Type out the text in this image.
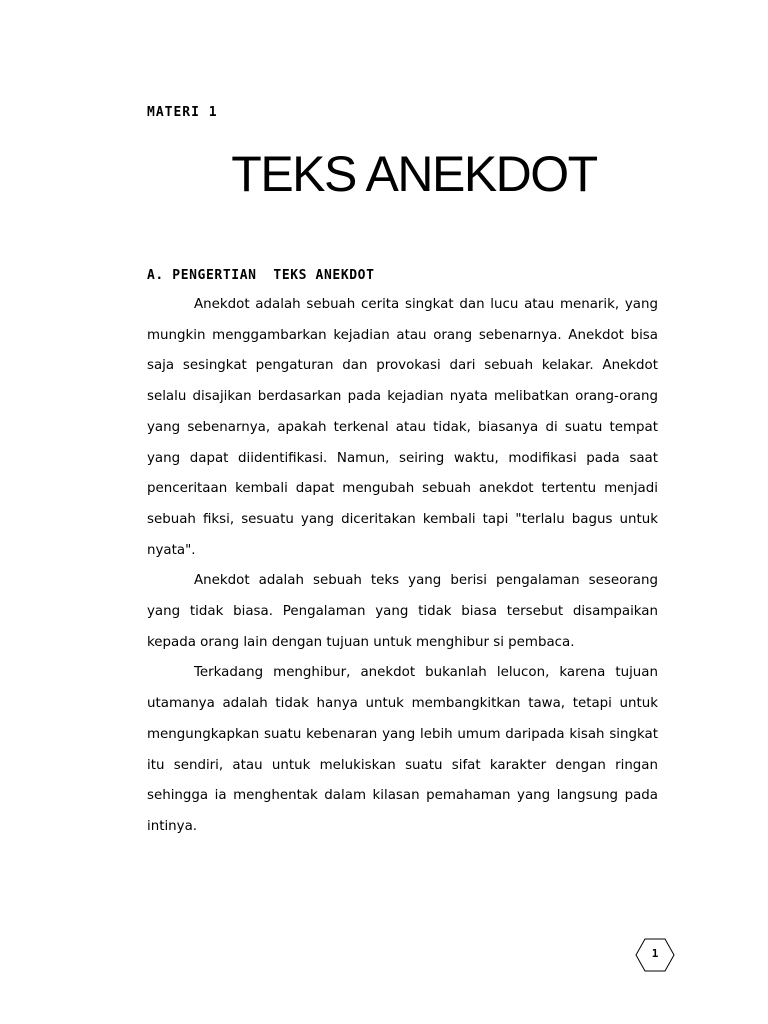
MATERI 1
TEKS ANEKDOT
A. PENGERTIAN  TEKS ANEKDOT

Anekdot adalah sebuah cerita singkat dan lucu atau menarik, yang mungkin menggambarkan kejadian atau orang sebenarnya. Anekdot bisa saja sesingkat pengaturan dan provokasi dari sebuah kelakar. Anekdot selalu disajikan berdasarkan pada kejadian nyata melibatkan orang-orang yang sebenarnya, apakah terkenal atau tidak, biasanya di suatu tempat yang dapat diidentifikasi. Namun, seiring waktu, modifikasi pada saat penceritaan kembali dapat mengubah sebuah anekdot tertentu menjadi sebuah fiksi, sesuatu yang diceritakan kembali tapi "terlalu bagus untuk nyata".

Anekdot adalah sebuah teks yang berisi pengalaman seseorang yang tidak biasa. Pengalaman yang tidak biasa tersebut disampaikan kepada orang lain dengan tujuan untuk menghibur si pembaca.

Terkadang menghibur, anekdot bukanlah lelucon, karena tujuan utamanya adalah tidak hanya untuk membangkitkan tawa, tetapi untuk mengungkapkan suatu kebenaran yang lebih umum daripada kisah singkat itu sendiri, atau untuk melukiskan suatu sifat karakter dengan ringan sehingga ia menghentak dalam kilasan pemahaman yang langsung pada intinya.

1
